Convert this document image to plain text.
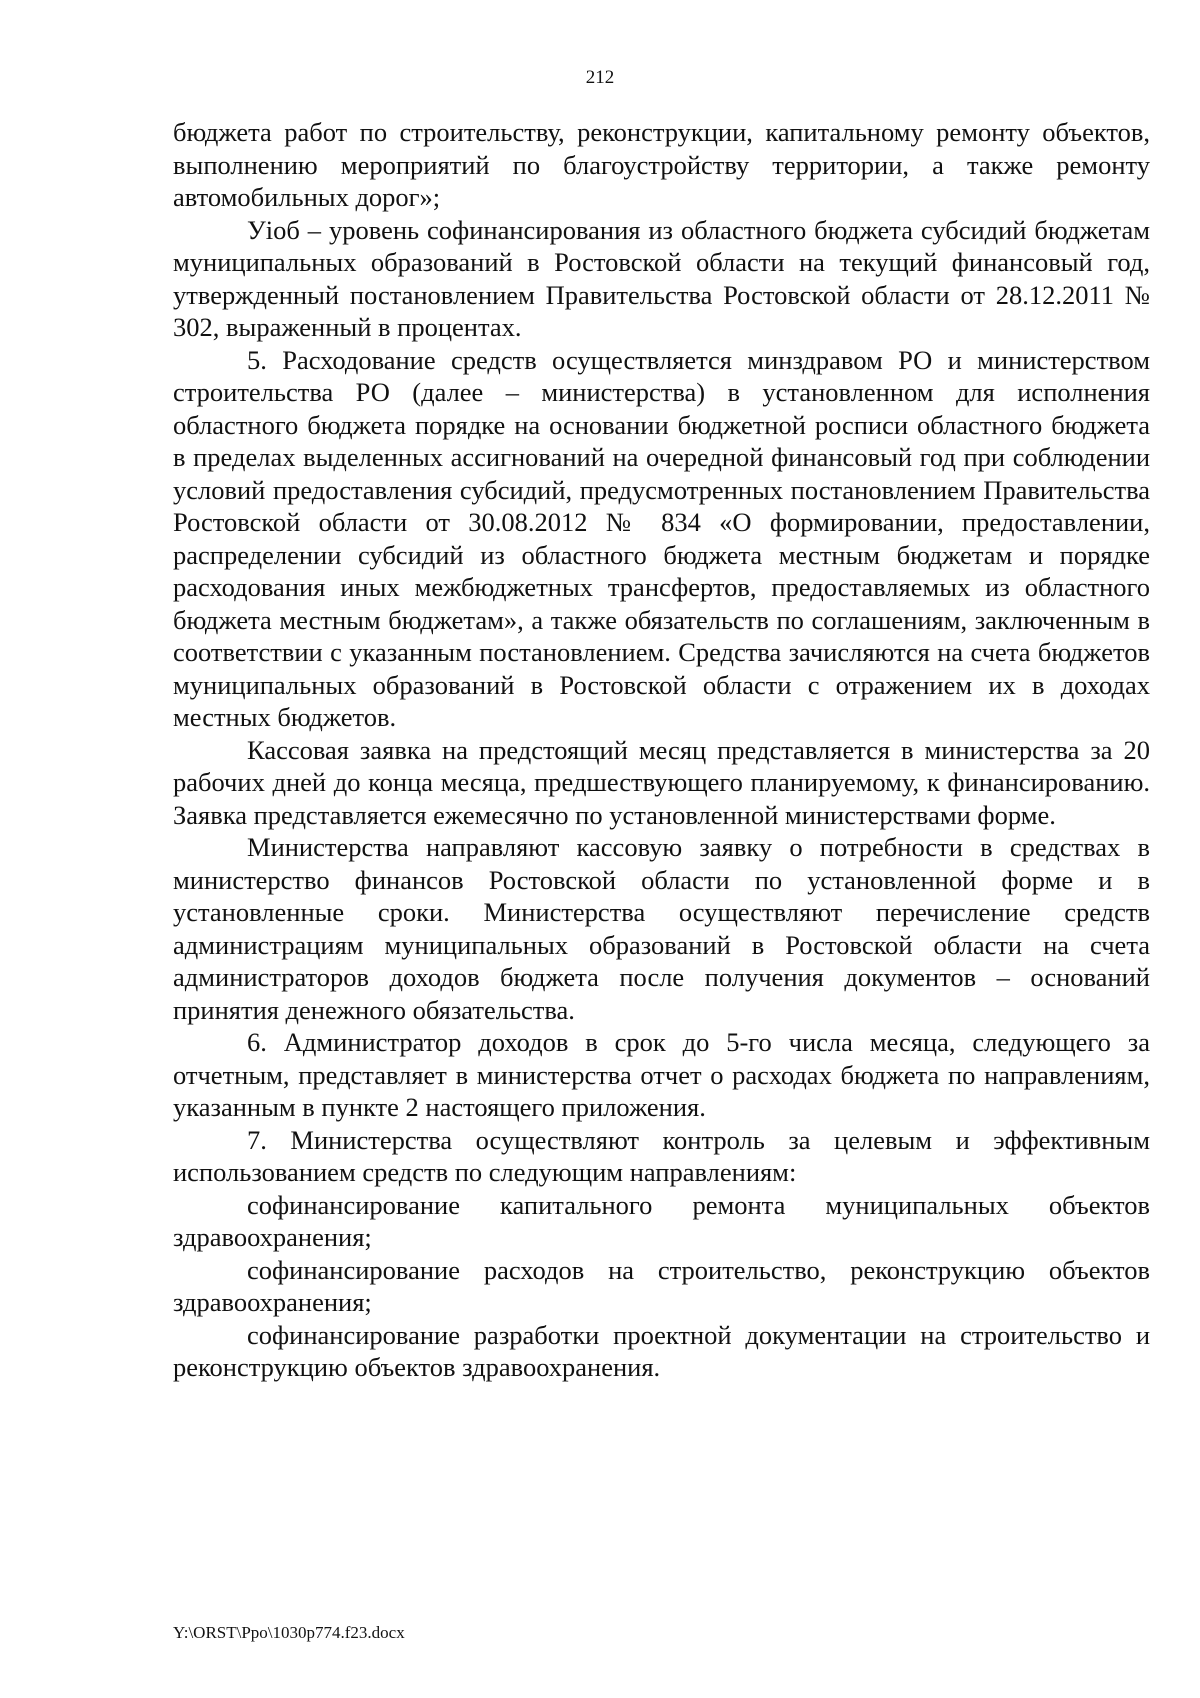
212

бюджета работ по строительству, реконструкции, капитальному ремонту объектов, выполнению мероприятий по благоустройству территории, а также ремонту автомобильных дорог»;

Уioб – уровень софинансирования из областного бюджета субсидий бюджетам муниципальных образований в Ростовской области на текущий финансовый год, утвержденный постановлением Правительства Ростовской области от 28.12.2011 № 302, выраженный в процентах.

5. Расходование средств осуществляется минздравом РО и министерством строительства РО (далее – министерства) в установленном для исполнения областного бюджета порядке на основании бюджетной росписи областного бюджета в пределах выделенных ассигнований на очередной финансовый год при соблюдении условий предоставления субсидий, предусмотренных постановлением Правительства Ростовской области от 30.08.2012 № 834 «О формировании, предоставлении, распределении субсидий из областного бюджета местным бюджетам и порядке расходования иных межбюджетных трансфертов, предоставляемых из областного бюджета местным бюджетам», а также обязательств по соглашениям, заключенным в соответствии с указанным постановлением. Средства зачисляются на счета бюджетов муниципальных образований в Ростовской области с отражением их в доходах местных бюджетов.

Кассовая заявка на предстоящий месяц представляется в министерства за 20 рабочих дней до конца месяца, предшествующего планируемому, к финансированию. Заявка представляется ежемесячно по установленной министерствами форме.

Министерства направляют кассовую заявку о потребности в средствах в министерство финансов Ростовской области по установленной форме и в установленные сроки. Министерства осуществляют перечисление средств администрациям муниципальных образований в Ростовской области на счета администраторов доходов бюджета после получения документов – оснований принятия денежного обязательства.

6. Администратор доходов в срок до 5-го числа месяца, следующего за отчетным, представляет в министерства отчет о расходах бюджета по направлениям, указанным в пункте 2 настоящего приложения.

7. Министерства осуществляют контроль за целевым и эффективным использованием средств по следующим направлениям:

софинансирование капитального ремонта муниципальных объектов здравоохранения;

софинансирование расходов на строительство, реконструкцию объектов здравоохранения;

софинансирование разработки проектной документации на строительство и реконструкцию объектов здравоохранения.

Y:\ORST\Ppo\1030p774.f23.docx
